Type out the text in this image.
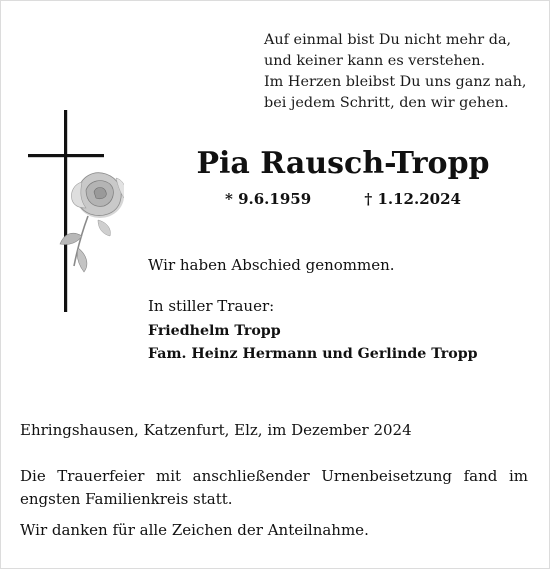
Auf einmal bist Du nicht mehr da,
und keiner kann es verstehen.
Im Herzen bleibst Du uns ganz nah,
bei jedem Schritt, den wir gehen.
Pia Rausch-Tropp
* 9.6.1959	† 1.12.2024
Wir haben Abschied genommen.
In stiller Trauer:
Friedhelm Tropp
Fam. Heinz Hermann und Gerlinde Tropp
Ehringshausen, Katzenfurt, Elz, im Dezember 2024
Die Trauerfeier mit anschließender Urnenbeisetzung fand im
engsten Familienkreis statt.
Wir danken für alle Zeichen der Anteilnahme.
